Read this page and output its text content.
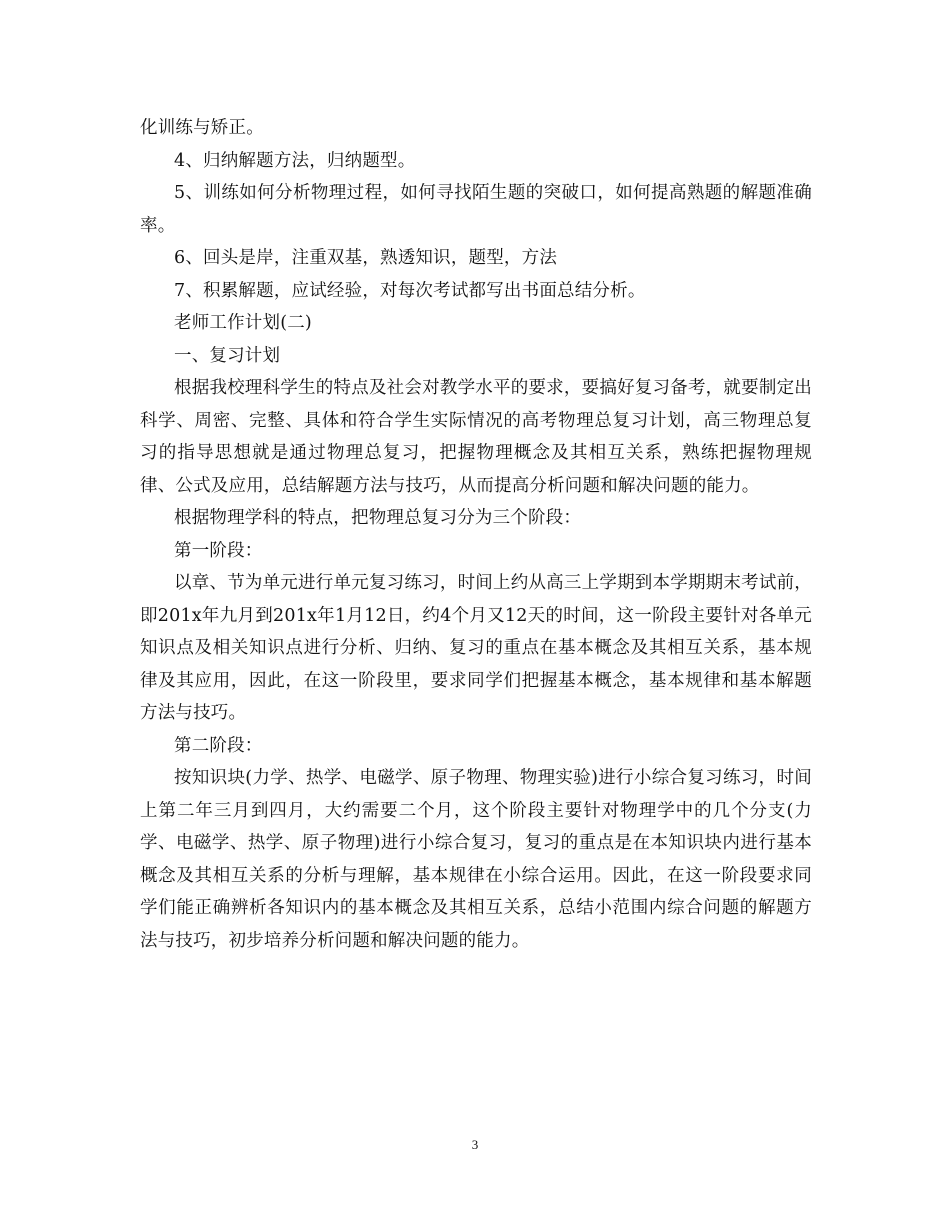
化训练与矫正。

4、归纳解题方法，归纳题型。

5、训练如何分析物理过程，如何寻找陌生题的突破口，如何提高熟题的解题准确率。

6、回头是岸，注重双基，熟透知识，题型，方法

7、积累解题，应试经验，对每次考试都写出书面总结分析。

老师工作计划(二)

一、复习计划

根据我校理科学生的特点及社会对教学水平的要求，要搞好复习备考，就要制定出科学、周密、完整、具体和符合学生实际情况的高考物理总复习计划，高三物理总复习的指导思想就是通过物理总复习，把握物理概念及其相互关系，熟练把握物理规律、公式及应用，总结解题方法与技巧，从而提高分析问题和解决问题的能力。

根据物理学科的特点，把物理总复习分为三个阶段：

第一阶段：

以章、节为单元进行单元复习练习，时间上约从高三上学期到本学期期末考试前，即201x年九月到201x年1月12日，约4个月又12天的时间，这一阶段主要针对各单元知识点及相关知识点进行分析、归纳、复习的重点在基本概念及其相互关系，基本规律及其应用，因此，在这一阶段里，要求同学们把握基本概念，基本规律和基本解题方法与技巧。

第二阶段：

按知识块(力学、热学、电磁学、原子物理、物理实验)进行小综合复习练习，时间上第二年三月到四月，大约需要二个月，这个阶段主要针对物理学中的几个分支(力学、电磁学、热学、原子物理)进行小综合复习，复习的重点是在本知识块内进行基本概念及其相互关系的分析与理解，基本规律在小综合运用。因此，在这一阶段要求同学们能正确辨析各知识内的基本概念及其相互关系，总结小范围内综合问题的解题方法与技巧，初步培养分析问题和解决问题的能力。

3
